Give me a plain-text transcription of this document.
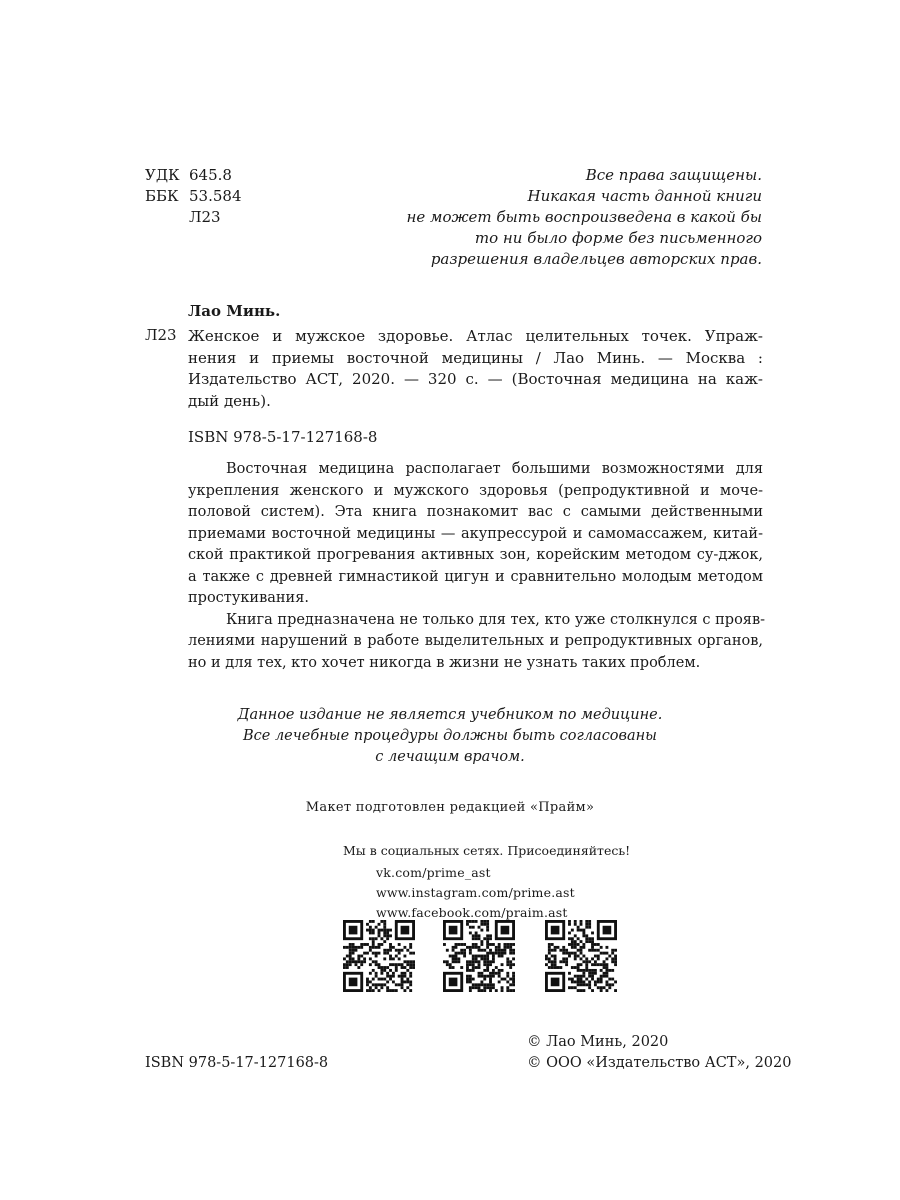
УДК 645.8
ББК 53.584
Л23
Все права защищены.
Никакая часть данной книги
не может быть воспроизведена в какой бы
то ни было форме без письменного
разрешения владельцев авторских прав.
Лао Минь.
Л23 Женское и мужское здоровье. Атлас целительных точек. Упраж-
нения и приемы восточной медицины / Лао Минь. — Москва :
Издательство АСТ, 2020. — 320 с. — (Восточная медицина на каж-
дый день).
ISBN 978-5-17-127168-8
Восточная медицина располагает большими возможностями для
укрепления женского и мужского здоровья (репродуктивной и моче-
половой систем). Эта книга познакомит вас с самыми действенными
приемами восточной медицины — акупрессурой и самомассажем, китай-
ской практикой прогревания активных зон, корейским методом су-джок,
а также с древней гимнастикой цигун и сравнительно молодым методом
простукивания.
Книга предназначена не только для тех, кто уже столкнулся с прояв-
лениями нарушений в работе выделительных и репродуктивных органов,
но и для тех, кто хочет никогда в жизни не узнать таких проблем.
Данное издание не является учебником по медицине.
Все лечебные процедуры должны быть согласованы
с лечащим врачом.
Макет подготовлен редакцией «Прайм»
Мы в социальных сетях. Присоединяйтесь!
vk.com/prime_ast
www.instagram.com/prime.ast
www.facebook.com/praim.ast
© Лао Минь, 2020
© ООО «Издательство АСТ», 2020
ISBN 978-5-17-127168-8
